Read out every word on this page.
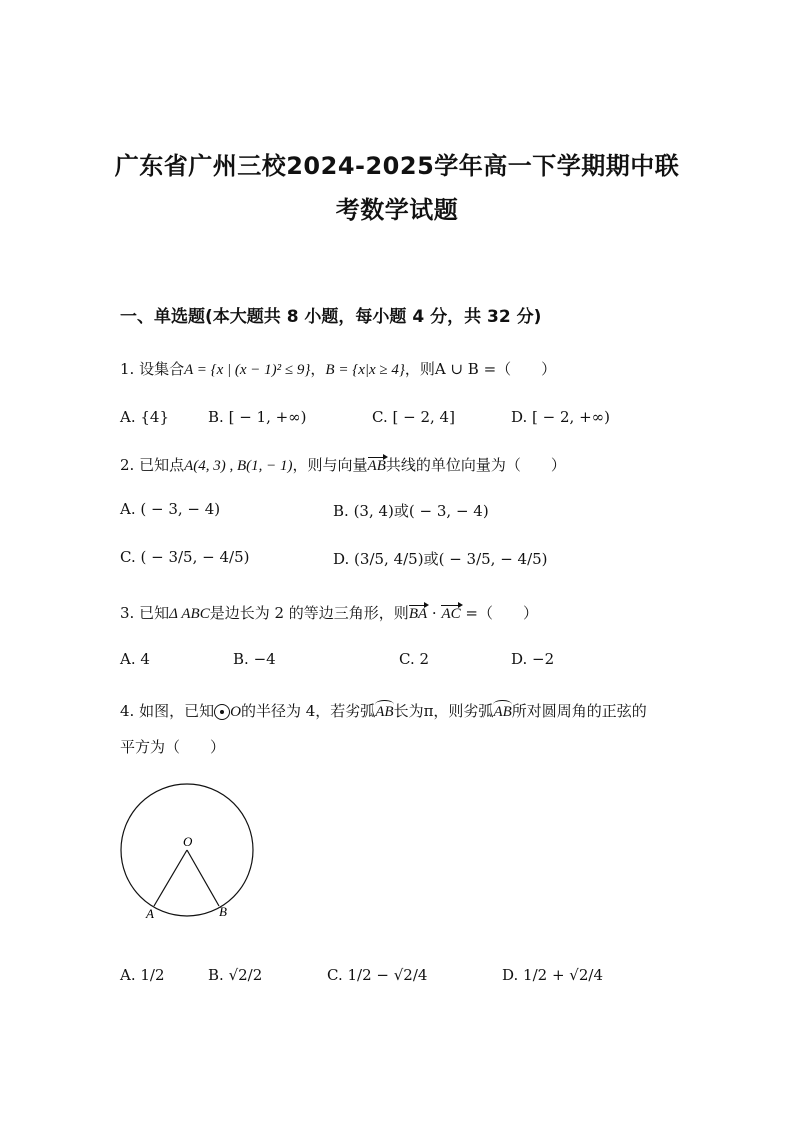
广东省广州三校2024-2025学年高一下学期期中联
考数学试题
一、单选题(本大题共 8 小题，每小题 4 分，共 32 分)
1. 设集合A = {x | (x − 1)² ≤ 9}，B = {x|x ≥ 4}，则A ∪ B =（　　）
A. {4}	B. [ − 1, +∞)	C. [ − 2, 4]	D. [ − 2, +∞)
2. 已知点A(4, 3) , B(1, − 1)，则与向量AB共线的单位向量为（　　）
A. ( − 3, − 4)	B. (3, 4)或( − 3, − 4)
C. ( − 3/5, − 4/5)	D. (3/5, 4/5)或( − 3/5, − 4/5)
3. 已知Δ ABC是边长为 2 的等边三角形，则BA · AC =（　　）
A. 4	B. −4	C. 2	D. −2
4. 如图，已知 O的半径为 4，若劣弧AB长为π，则劣弧AB所对圆周角的正弦的
平方为（　　）
O
A	B
A. 1/2	B. √2/2	C. 1/2 − √2/4	D. 1/2 + √2/4
